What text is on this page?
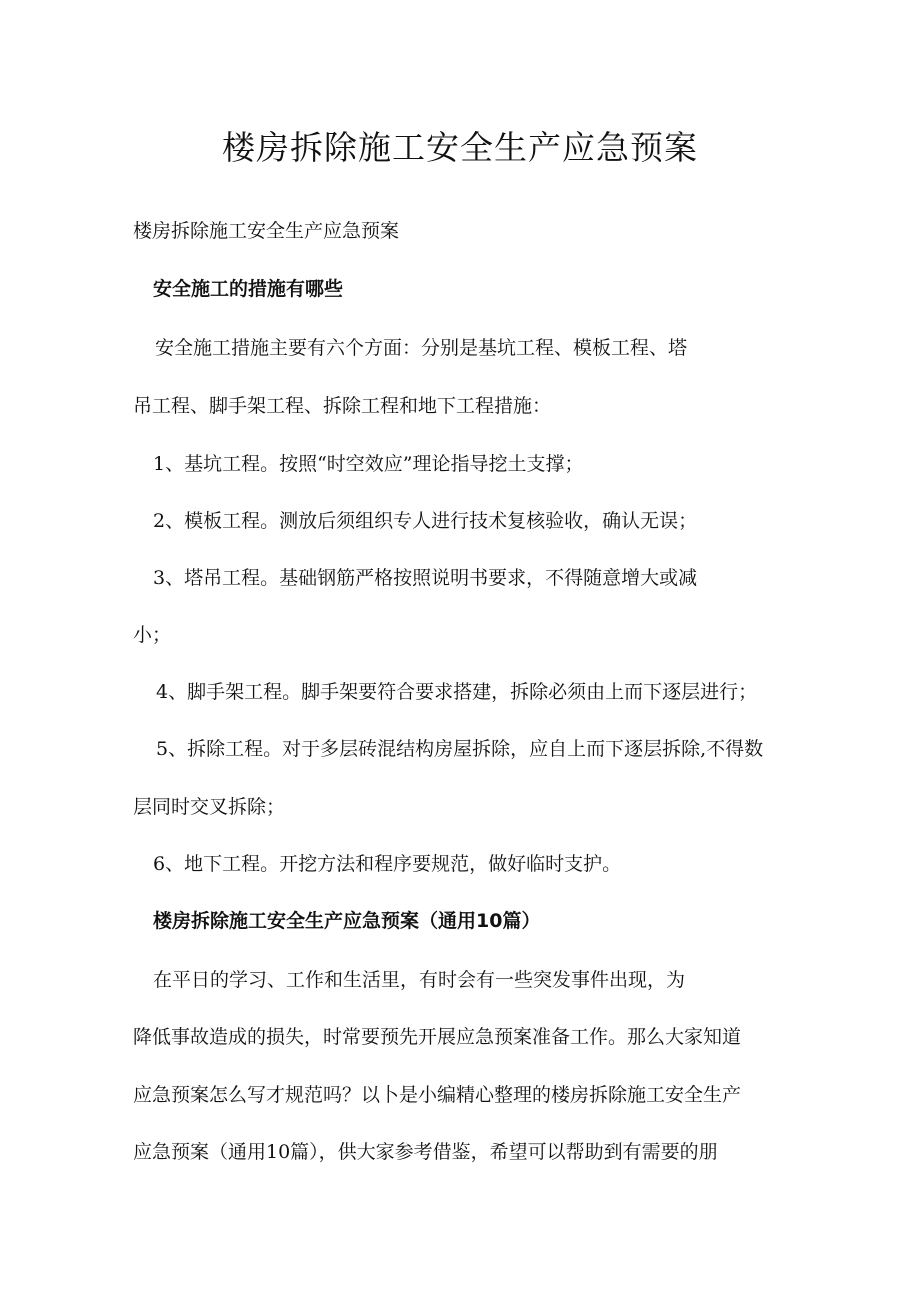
楼房拆除施工安全生产应急预案
楼房拆除施工安全生产应急预案
安全施工的措施有哪些
安全施工措施主要有六个方面：分别是基坑工程、模板工程、塔
吊工程、脚手架工程、拆除工程和地下工程措施：
1、基坑工程。按照“时空效应”理论指导挖土支撑；
2、模板工程。测放后须组织专人进行技术复核验收，确认无误；
3、塔吊工程。基础钢筋严格按照说明书要求，不得随意增大或减
小；
4、脚手架工程。脚手架要符合要求搭建，拆除必须由上而下逐层进行；
5、拆除工程。对于多层砖混结构房屋拆除，应自上而下逐层拆除,不得数
层同时交叉拆除；
6、地下工程。开挖方法和程序要规范，做好临时支护。
楼房拆除施工安全生产应急预案（通用10篇）
在平日的学习、工作和生活里，有时会有一些突发事件出现，为
降低事故造成的损失，时常要预先开展应急预案准备工作。那么大家知道
应急预案怎么写才规范吗？以卜是小编精心整理的楼房拆除施工安全生产
应急预案（通用10篇），供大家参考借鉴，希望可以帮助到有需要的朋
